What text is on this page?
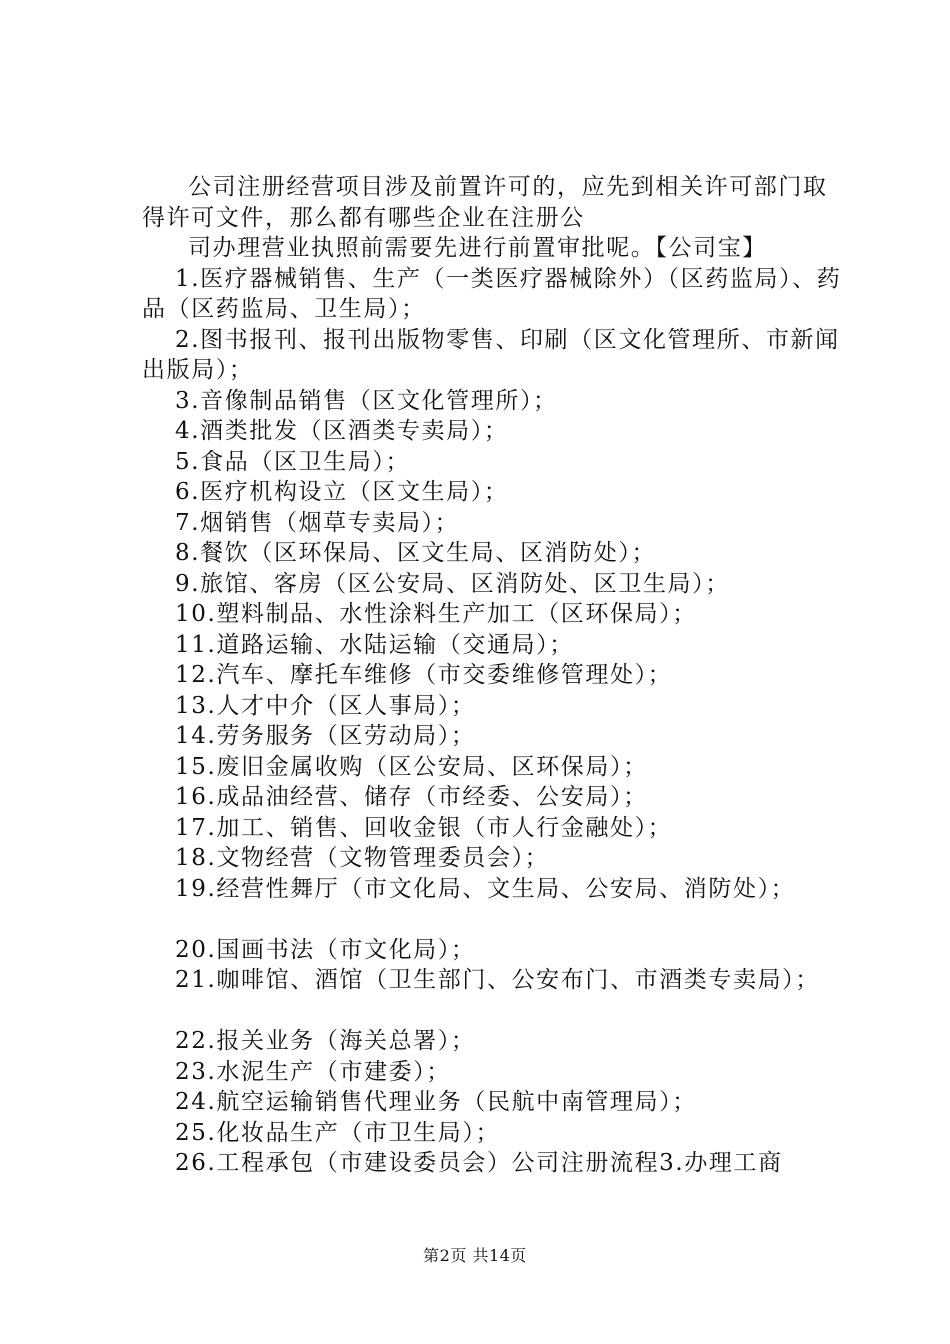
公司注册经营项目涉及前置许可的，应先到相关许可部门取得许可文件，那么都有哪些企业在注册公

司办理营业执照前需要先进行前置审批呢。【公司宝】

1.医疗器械销售、生产（一类医疗器械除外）（区药监局）、药品（区药监局、卫生局）；

2.图书报刊、报刊出版物零售、印刷（区文化管理所、市新闻出版局）；

3.音像制品销售（区文化管理所）；

4.酒类批发（区酒类专卖局）；

5.食品（区卫生局）；

6.医疗机构设立（区文生局）；

7.烟销售（烟草专卖局）；

8.餐饮（区环保局、区文生局、区消防处）；

9.旅馆、客房（区公安局、区消防处、区卫生局）；

10.塑料制品、水性涂料生产加工（区环保局）；

11.道路运输、水陆运输（交通局）；

12.汽车、摩托车维修（市交委维修管理处）；

13.人才中介（区人事局）；

14.劳务服务（区劳动局）；

15.废旧金属收购（区公安局、区环保局）；

16.成品油经营、储存（市经委、公安局）；

17.加工、销售、回收金银（市人行金融处）；

18.文物经营（文物管理委员会）；

19.经营性舞厅（市文化局、文生局、公安局、消防处）；

20.国画书法（市文化局）；

21.咖啡馆、酒馆（卫生部门、公安布门、市酒类专卖局）；

22.报关业务（海关总署）；

23.水泥生产（市建委）；

24.航空运输销售代理业务（民航中南管理局）；

25.化妆品生产（市卫生局）；

26.工程承包（市建设委员会）公司注册流程3.办理工商

第2页 共14页
